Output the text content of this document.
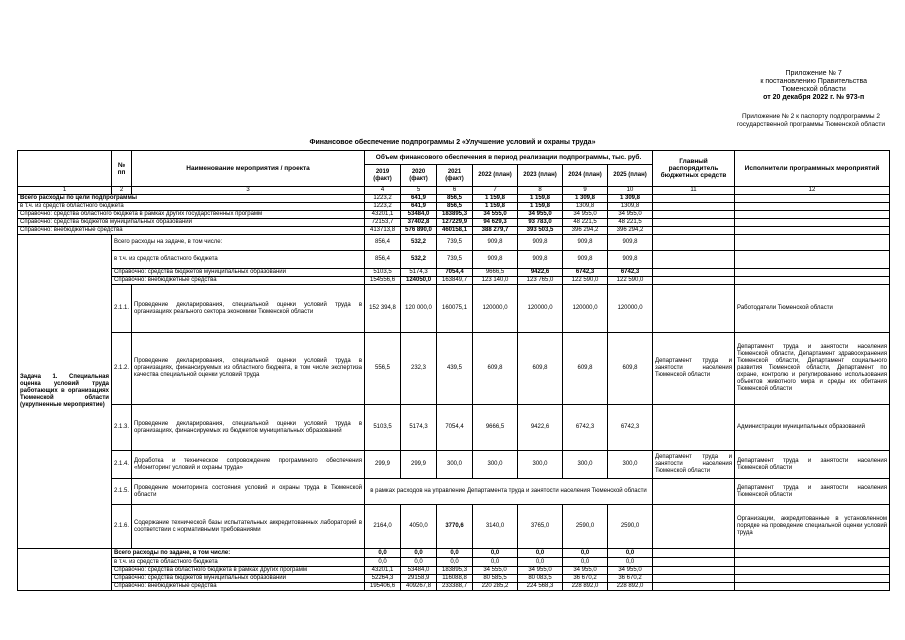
Приложение № 7
к постановлению Правительства
Тюменской области
от 20 декабря 2022 г. № 973-п
Приложение № 2 к паспорту подпрограммы 2
государственной программы Тюменской области
Финансовое обеспечение подпрограммы 2 «Улучшение условий и охраны труда»
	№ пп	Наименование мероприятия / проекта	Объем финансового обеспечения в период реализации подпрограммы, тыс. руб.							Главный распорядитель бюджетных средств	Исполнители программных мероприятий
			2019 (факт)	2020 (факт)	2021 (факт)	2022 (план)	2023 (план)	2024 (план)	2025 (план)		
1	2	3	4	5	6	7	8	9	10	11	12
Всего расходы по цели подпрограммы			1223,2	641,9	856,5	1 159,8	1 159,8	1 309,8	1 309,8		
в т.ч. из средств областного бюджета			1223,2	641,9	856,5	1 159,8	1 159,8	1309,8	1309,8		
Справочно: средства областного бюджета в рамках других государственных программ			43201,1	53484,0	183895,3	34 555,0	34 955,0	34 955,0	34 955,0		
Справочно: средства бюджетов муниципальных образований			72153,7	37402,8	127229,9	94 629,3	93 783,0	48 221,5	48 221,5		
Справочно: внебюджетные средства			413713,8	576 890,0	460158,1	388 279,7	393 503,5	396 294,2	396 294,2		
Задача 1. Специальная оценка условий труда работающих в организациях Тюменской области (укрупненные мероприятие)	Всего расходы на задаче, в том числе:		856,4	532,2	739,5	909,8	909,8	909,8	909,8		
	в т.ч. из средств областного бюджета		856,4	532,2	739,5	909,8	909,8	909,8	909,8		
	Справочно: средства бюджетов муниципальных образований		5103,5	5174,3	7054,4	9666,5	9422,6	6742,3	6742,3		
	Справочно: внебюджетные средства		154556,6	124050,0	163849,7	123 140,0	123 765,0	122 590,0	122 590,0		
	2.1.1.	Проведение декларирования, специальной оценки условий труда в организациях реального сектора экономики Тюменской области	152 394,8	120 000,0	160075,1	120000,0	120000,0	120000,0	120000,0		Работодатели Тюменской области
	2.1.2.	Проведение декларирования, специальной оценки условий труда в организациях, финансируемых из областного бюджета, в том числе экспертиза качества специальной оценки условий труда	556,5	232,3	439,5	609,8	609,8	609,8	609,8	Департамент труда и занятости населения Тюменской области	Департамент труда и занятости населения Тюменской области, Департамент здравоохранения Тюменской области, Департамент социального развития Тюменской области, Департамент по охране, контролю и регулированию использования объектов животного мира и среды их обитания Тюменской области
	2.1.3.	Проведение декларирования, специальной оценки условий труда в организациях, финансируемых из бюджетов муниципальных образований	5103,5	5174,3	7054,4	9666,5	9422,6	6742,3	6742,3		Администрации муниципальных образований
	2.1.4.	Доработка и техническое сопровождение программного обеспечения «Мониторинг условий и охраны труда»	299,9	299,9	300,0	300,0	300,0	300,0	300,0	Департамент труда и занятости населения Тюменской области	Департамент труда и занятости населения Тюменской области
	2.1.5.	Проведение мониторинга состояния условий и охраны труда в Тюменской области	в рамках расходов на управление Департамента труда и занятости населения Тюменской области								Департамент труда и занятости населения Тюменской области
	2.1.6.	Содержание технической базы испытательных аккредитованных лабораторий в соответствии с нормативными требованиями	2164,0	4050,0	3770,6	3140,0	3765,0	2590,0	2590,0		Организации, аккредитованные в установленном порядке на проведение специальной оценки условий труда
	Всего расходы по задаче, в том числе:		0,0	0,0	0,0	0,0	0,0	0,0	0,0		
	в т.ч. из средств областного бюджета		0,0	0,0	0,0	0,0	0,0	0,0	0,0		
	Справочно: средства областного бюджета в рамках других программ		43201,1	53484,0	183895,3	34 555,0	34 955,0	34 955,0	34 955,0		
	Справочно: средства бюджетов муниципальных образований		52264,3	29158,9	116088,8	80 585,5	80 083,5	36 670,2	36 670,2		
	Справочно: внебюджетные средства		195406,6	409267,8	233388,7	220 285,2	224 568,3	228 892,0	228 892,0		
